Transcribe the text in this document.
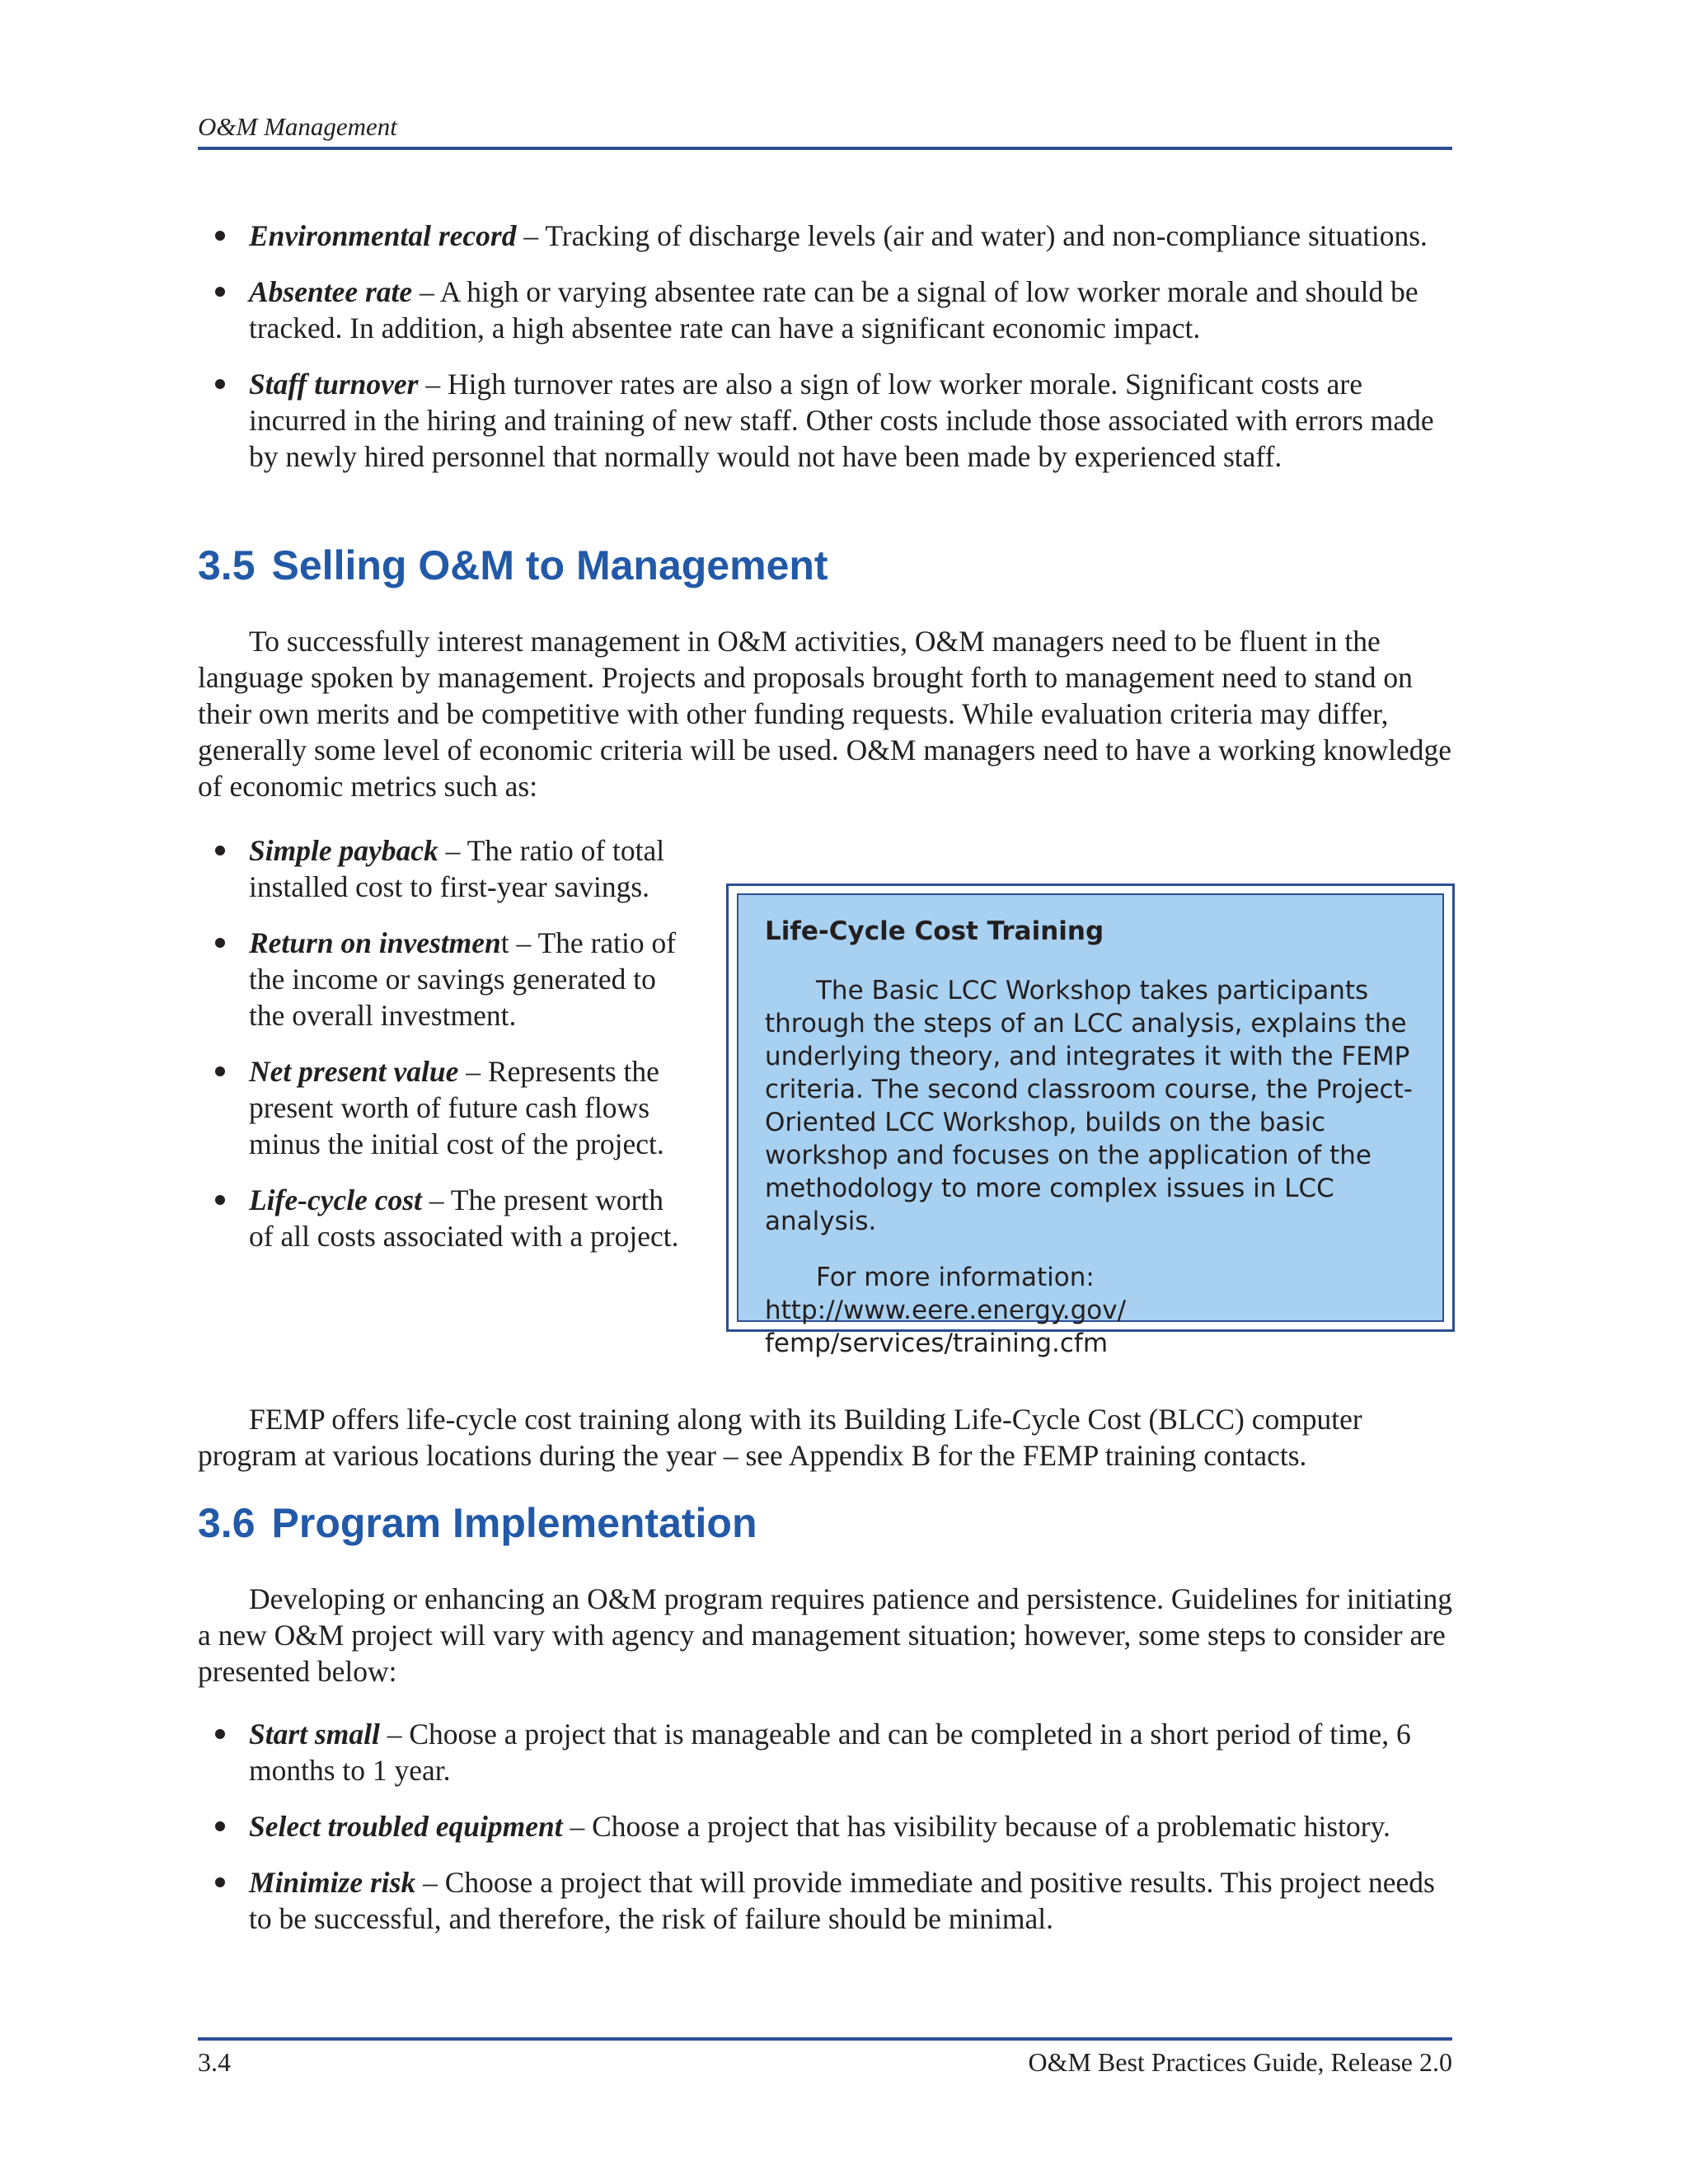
O&M Management
Environmental record – Tracking of discharge levels (air and water) and non-compliance situations.
Absentee rate – A high or varying absentee rate can be a signal of low worker morale and should be tracked. In addition, a high absentee rate can have a significant economic impact.
Staff turnover – High turnover rates are also a sign of low worker morale. Significant costs are incurred in the hiring and training of new staff. Other costs include those associated with errors made by newly hired personnel that normally would not have been made by experienced staff.
3.5 Selling O&M to Management

To successfully interest management in O&M activities, O&M managers need to be fluent in the language spoken by management. Projects and proposals brought forth to management need to stand on their own merits and be competitive with other funding requests. While evaluation criteria may differ, generally some level of economic criteria will be used. O&M managers need to have a working knowledge of economic metrics such as:

Simple payback – The ratio of total installed cost to first-year savings.
Return on investment – The ratio of the income or savings generated to the overall investment.
Net present value – Represents the present worth of future cash flows minus the initial cost of the project.
Life-cycle cost – The present worth of all costs associated with a project.

Life-Cycle Cost Training

The Basic LCC Workshop takes participants through the steps of an LCC analysis, explains the underlying theory, and integrates it with the FEMP criteria. The second classroom course, the Project-Oriented LCC Workshop, builds on the basic workshop and focuses on the application of the methodology to more complex issues in LCC analysis.

For more information: http://www.eere.energy.gov/ femp/services/training.cfm

FEMP offers life-cycle cost training along with its Building Life-Cycle Cost (BLCC) computer program at various locations during the year – see Appendix B for the FEMP training contacts.

3.6 Program Implementation

Developing or enhancing an O&M program requires patience and persistence. Guidelines for initiating a new O&M project will vary with agency and management situation; however, some steps to consider are presented below:

Start small – Choose a project that is manageable and can be completed in a short period of time, 6 months to 1 year.
Select troubled equipment – Choose a project that has visibility because of a problematic history.
Minimize risk – Choose a project that will provide immediate and positive results. This project needs to be successful, and therefore, the risk of failure should be minimal.
3.4	O&M Best Practices Guide, Release 2.0
